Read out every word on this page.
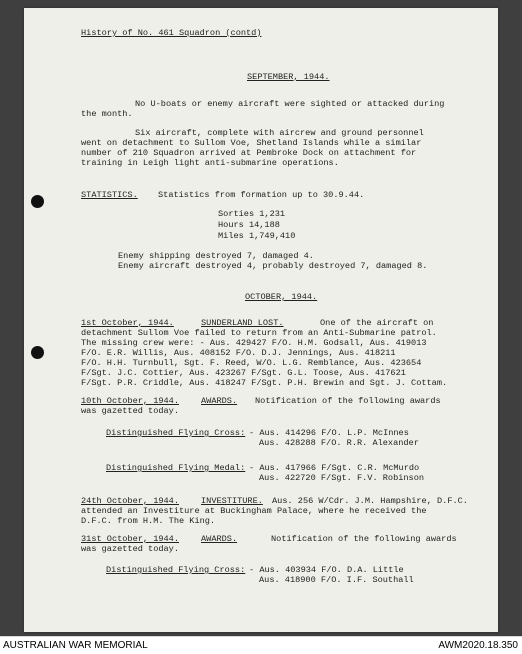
History of No. 461 Squadron (contd)
SEPTEMBER, 1944.
No U-boats or enemy aircraft were sighted or attacked during
the month.
Six aircraft, complete with aircrew and ground personnel
went on detachment to Sullom Voe, Shetland Islands while a similar
number of 210 Squadron arrived at Pembroke Dock on attachment for
training in Leigh light anti-submarine operations.
STATISTICS. Statistics from formation up to 30.9.44.
Sorties 1,231
Hours 14,188
Miles 1,749,410
Enemy shipping destroyed 7, damaged 4.
Enemy aircraft destroyed 4, probably destroyed 7, damaged 8.
OCTOBER, 1944.
1st October, 1944.	SUNDERLAND LOST.	One of the aircraft on
detachment Sullom Voe failed to return from an Anti-Submarine patrol.
The missing crew were: - Aus. 429427 F/O. H.M. Godsall, Aus. 419013
F/O. E.R. Willis, Aus. 408152 F/O. D.J. Jennings, Aus. 418211
F/O. H.H. Turnbull, Sgt. F. Reed, W/O. L.G. Remblance, Aus. 423654
F/Sgt. J.C. Cottier, Aus. 423267 F/Sgt. G.L. Toose, Aus. 417621
F/Sgt. P.R. Criddle, Aus. 418247 F/Sgt. P.H. Brewin and Sgt. J. Cottam.
10th October, 1944.	AWARDS. Notification of the following awards
was gazetted today.
Distinguished Flying Cross: - Aus. 414296 F/O. L.P. McInnes
Aus. 428288 F/O. R.R. Alexander
Distinguished Flying Medal: - Aus. 417966 F/Sgt. C.R. McMurdo
Aus. 422720 F/Sgt. F.V. Robinson
24th October, 1944.	INVESTITURE. Aus. 256 W/Cdr. J.M. Hampshire, D.F.C.
attended an Investiture at Buckingham Palace, where he received the
D.F.C. from H.M. The King.
31st October, 1944.	AWARDS.	Notification of the following awards
was gazetted today.
Distinguished Flying Cross: - Aus. 403934 F/O. D.A. Little
Aus. 418900 F/O. I.F. Southall
AUSTRALIAN WAR MEMORIAL	AWM2020.18.350
